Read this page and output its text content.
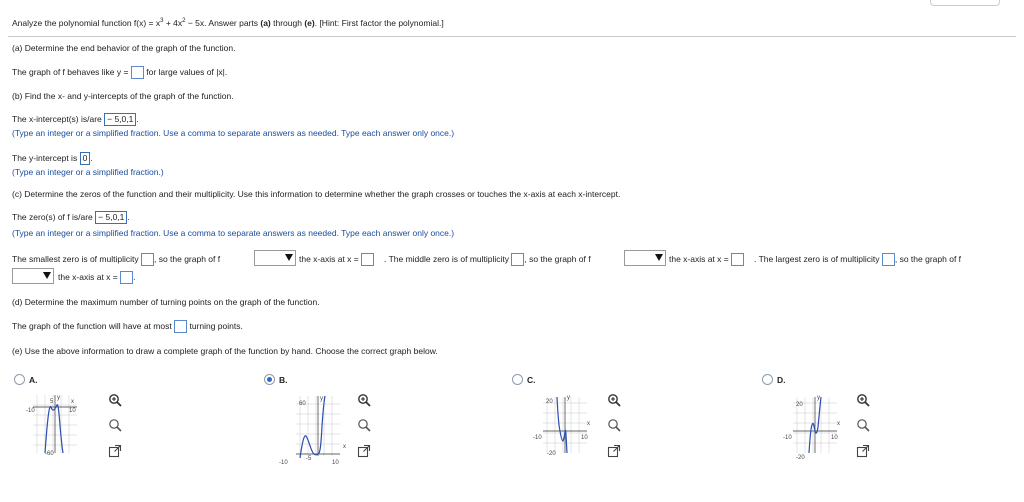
Analyze the polynomial function $f(x) = x^3 + 4x^2 - 5x$. Answer parts (a) through (e). [Hint: First factor the polynomial.]
(a) Determine the end behavior of the graph of the function.
The graph of f behaves like y = for large values of |x|.
(b) Find the x- and y-intercepts of the graph of the function.
The x-intercept(s) is/are − 5,0,1 .
(Type an integer or a simplified fraction. Use a comma to separate answers as needed. Type each answer only once.)
The y-intercept is 0 .
(Type an integer or a simplified fraction.)
(c) Determine the zeros of the function and their multiplicity. Use this information to determine whether the graph crosses or touches the x-axis at each x-intercept.
The zero(s) of f is/are − 5,0,1 .
(Type an integer or a simplified fraction. Use a comma to separate answers as needed. Type each answer only once.)
The smallest zero is of multiplicity , so the graph of f	the x-axis at x =	. The middle zero is of multiplicity , so the graph of f	the x-axis at x =	. The largest zero is of multiplicity , so the graph of f
the x-axis at x = .
(d) Determine the maximum number of turning points on the graph of the function.
The graph of the function will have at most turning points.
(e) Use the above information to draw a complete graph of the function by hand. Choose the correct graph below.
A.
5
-60
-10	10
x
y
B.
60
-10	10
-5
x
y
C.
20
-20
-10	10
x
y
D.
20
-20
-10	10
x
y
